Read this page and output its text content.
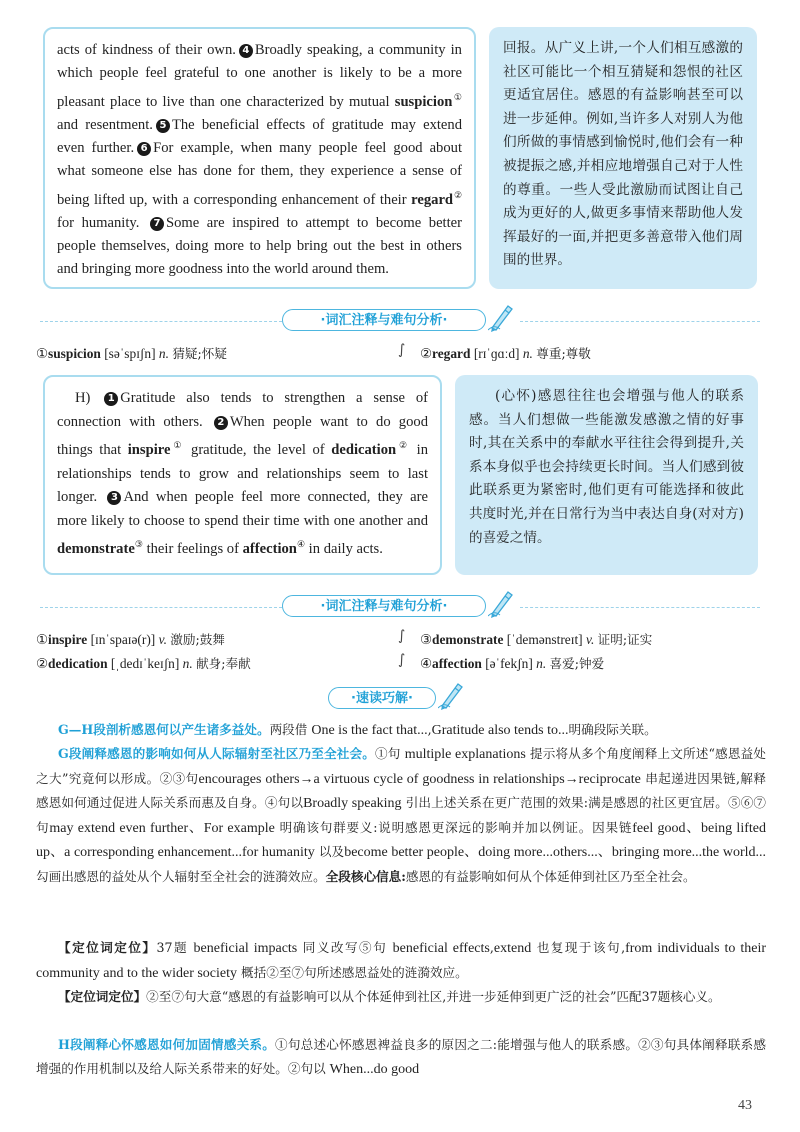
acts of kindness of their own. 4 Broadly speaking, a community in which people feel grateful to one another is likely to be a more pleasant place to live than one characterized by mutual suspicion① and resentment. 5 The beneficial effects of gratitude may extend even further. 6 For example, when many people feel good about what someone else has done for them, they experience a sense of being lifted up, with a corresponding enhancement of their regard② for humanity. 7 Some are inspired to attempt to become better people themselves, doing more to help bring out the best in others and bringing more goodness into the world around them.
回报。从广义上讲,一个人们相互感激的社区可能比一个相互猜疑和怨恨的社区更适宜居住。感恩的有益影响甚至可以进一步延伸。例如,当许多人对别人为他们所做的事情感到愉悦时,他们会有一种被提振之感,并相应地增强自己对于人性的尊重。一些人受此激励而试图让自己成为更好的人,做更多事情来帮助他人发挥最好的一面,并把更多善意带入他们周围的世界。
·词汇注释与难句分析·
①suspicion [səˈspɪʃn] n. 猜疑;怀疑	∫ ②regard [rɪˈɡɑːd] n. 尊重;尊敬
H) 1 Gratitude also tends to strengthen a sense of connection with others. 2 When people want to do good things that inspire① gratitude, the level of dedication② in relationships tends to grow and relationships seem to last longer. 3 And when people feel more connected, they are more likely to choose to spend their time with one another and demonstrate③ their feelings of affection④ in daily acts.
(心怀)感恩往往也会增强与他人的联系感。当人们想做一些能激发感激之情的好事时,其在关系中的奉献水平往往会得到提升,关系本身似乎也会持续更长时间。当人们感到彼此联系更为紧密时,他们更有可能选择和彼此共度时光,并在日常行为当中表达自身(对对方)的喜爱之情。
·词汇注释与难句分析·
①inspire [ɪnˈspaɪə(r)] v. 激励;鼓舞	∫ ③demonstrate [ˈdemənstreɪt] v. 证明;证实
②dedication [ˌdedɪˈkeɪʃn] n. 献身;奉献	∫ ④affection [əˈfekʃn] n. 喜爱;钟爱
·速读巧解·
G—H段剖析感恩何以产生诸多益处。两段借 One is the fact that...,Gratitude also tends to...明确段际关联。
G段阐释感恩的影响如何从人际辐射至社区乃至全社会。①句 multiple explanations 提示将从多个角度阐释上文所述“感恩益处之大”究竟何以形成。②③句encourages others→a virtuous cycle of goodness in relationships→reciprocate 串起递进因果链,解释感恩如何通过促进人际关系而惠及自身。④句以Broadly speaking 引出上述关系在更广范围的效果:满是感恩的社区更宜居。⑤⑥⑦句may extend even further、For example 明确该句群要义:说明感恩更深远的影响并加以例证。因果链feel good、being lifted up、a corresponding enhancement...for humanity 以及become better people、doing more...others...、bringing more...the world... 勾画出感恩的益处从个人辐射至全社会的涟漪效应。全段核心信息:感恩的有益影响如何从个体延伸到社区乃至全社会。
【定位词定位】37题 beneficial impacts 同义改写⑤句 beneficial effects,extend 也复现于该句,from individuals to their community and to the wider society 概括②至⑦句所述感恩益处的涟漪效应。
【定位词定位】②至⑦句大意“感恩的有益影响可以从个体延伸到社区,并进一步延伸到更广泛的社会”匹配37题核心义。
H段阐释心怀感恩如何加固情感关系。①句总述心怀感恩裨益良多的原因之二:能增强与他人的联系感。②③句具体阐释联系感增强的作用机制以及给人际关系带来的好处。②句以 When...do good
43
